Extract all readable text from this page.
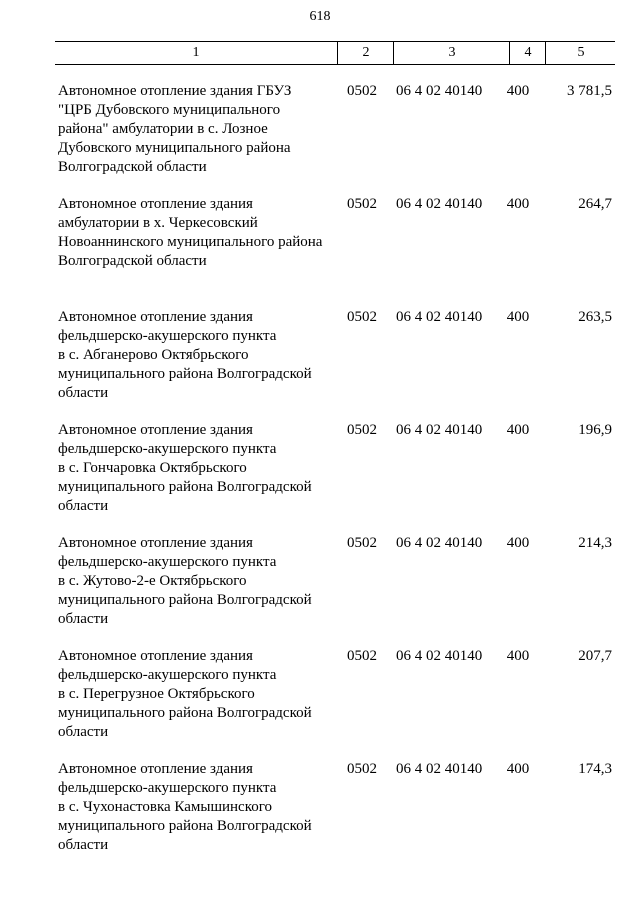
618
1	2	3	4	5
Автономное отопление здания ГБУЗ
"ЦРБ Дубовского муниципального
района" амбулатории в с. Лозное
Дубовского муниципального района
Волгоградской области
0502	06 4 02 40140	400	3 781,5
Автономное отопление здания
амбулатории в х. Черкесовский
Новоаннинского муниципального района
Волгоградской области
0502	06 4 02 40140	400	264,7
Автономное отопление здания
фельдшерско-акушерского пункта
в с. Абганерово Октябрьского
муниципального района Волгоградской
области
0502	06 4 02 40140	400	263,5
Автономное отопление здания
фельдшерско-акушерского пункта
в с. Гончаровка Октябрьского
муниципального района Волгоградской
области
0502	06 4 02 40140	400	196,9
Автономное отопление здания
фельдшерско-акушерского пункта
в с. Жутово-2-е Октябрьского
муниципального района Волгоградской
области
0502	06 4 02 40140	400	214,3
Автономное отопление здания
фельдшерско-акушерского пункта
в с. Перегрузное Октябрьского
муниципального района Волгоградской
области
0502	06 4 02 40140	400	207,7
Автономное отопление здания
фельдшерско-акушерского пункта
в с. Чухонастовка Камышинского
муниципального района Волгоградской
области
0502	06 4 02 40140	400	174,3
